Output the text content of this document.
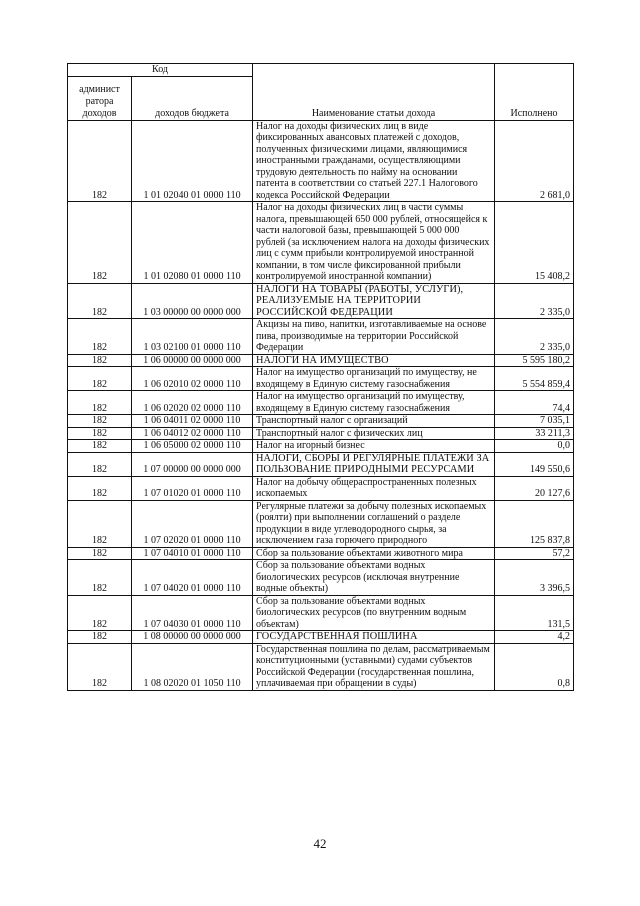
Код		Наименование статьи дохода	Исполнено
админист
ратора
доходов	доходов бюджета		
182	1 01 02040 01 0000 110	Налог на доходы физических лиц в виде фиксированных авансовых платежей с доходов, полученных физическими лицами, являющимися иностранными гражданами, осуществляющими трудовую деятельность по найму на основании патента в соответствии со статьей 227.1 Налогового кодекса Российской Федерации	2 681,0
182	1 01 02080 01 0000 110	Налог на доходы физических лиц в части суммы налога, превышающей 650 000 рублей, относящейся к части налоговой базы, превышающей 5 000 000 рублей (за исключением налога на доходы физических лиц с сумм прибыли контролируемой иностранной компании, в том числе фиксированной прибыли контролируемой иностранной компании)	15 408,2
182	1 03 00000 00 0000 000	НАЛОГИ НА ТОВАРЫ (РАБОТЫ, УСЛУГИ), РЕАЛИЗУЕМЫЕ НА ТЕРРИТОРИИ РОССИЙСКОЙ ФЕДЕРАЦИИ	2 335,0
182	1 03 02100 01 0000 110	Акцизы на пиво, напитки, изготавливаемые на основе пива, производимые на территории Российской Федерации	2 335,0
182	1 06 00000 00 0000 000	НАЛОГИ НА ИМУЩЕСТВО	5 595 180,2
182	1 06 02010 02 0000 110	Налог на имущество организаций по имуществу, не входящему в Единую систему газоснабжения	5 554 859,4
182	1 06 02020 02 0000 110	Налог на имущество организаций по имуществу, входящему в Единую систему газоснабжения	74,4
182	1 06 04011 02 0000 110	Транспортный налог с организаций	7 035,1
182	1 06 04012 02 0000 110	Транспортный налог с физических лиц	33 211,3
182	1 06 05000 02 0000 110	Налог на игорный бизнес	0,0
182	1 07 00000 00 0000 000	НАЛОГИ, СБОРЫ И РЕГУЛЯРНЫЕ ПЛАТЕЖИ ЗА ПОЛЬЗОВАНИЕ ПРИРОДНЫМИ РЕСУРСАМИ	149 550,6
182	1 07 01020 01 0000 110	Налог на добычу общераспространенных полезных ископаемых	20 127,6
182	1 07 02020 01 0000 110	Регулярные платежи за добычу полезных ископаемых (роялти) при выполнении соглашений о разделе продукции в виде углеводородного сырья, за исключением газа горючего природного	125 837,8
182	1 07 04010 01 0000 110	Сбор за пользование объектами животного мира	57,2
182	1 07 04020 01 0000 110	Сбор за пользование объектами водных биологических ресурсов (исключая внутренние водные объекты)	3 396,5
182	1 07 04030 01 0000 110	Сбор за пользование объектами водных биологических ресурсов (по внутренним водным объектам)	131,5
182	1 08 00000 00 0000 000	ГОСУДАРСТВЕННАЯ ПОШЛИНА	4,2
182	1 08 02020 01 1050 110	Государственная пошлина по делам, рассматриваемым конституционными (уставными) судами субъектов Российской Федерации (государственная пошлина, уплачиваемая при обращении в суды)	0,8
42
